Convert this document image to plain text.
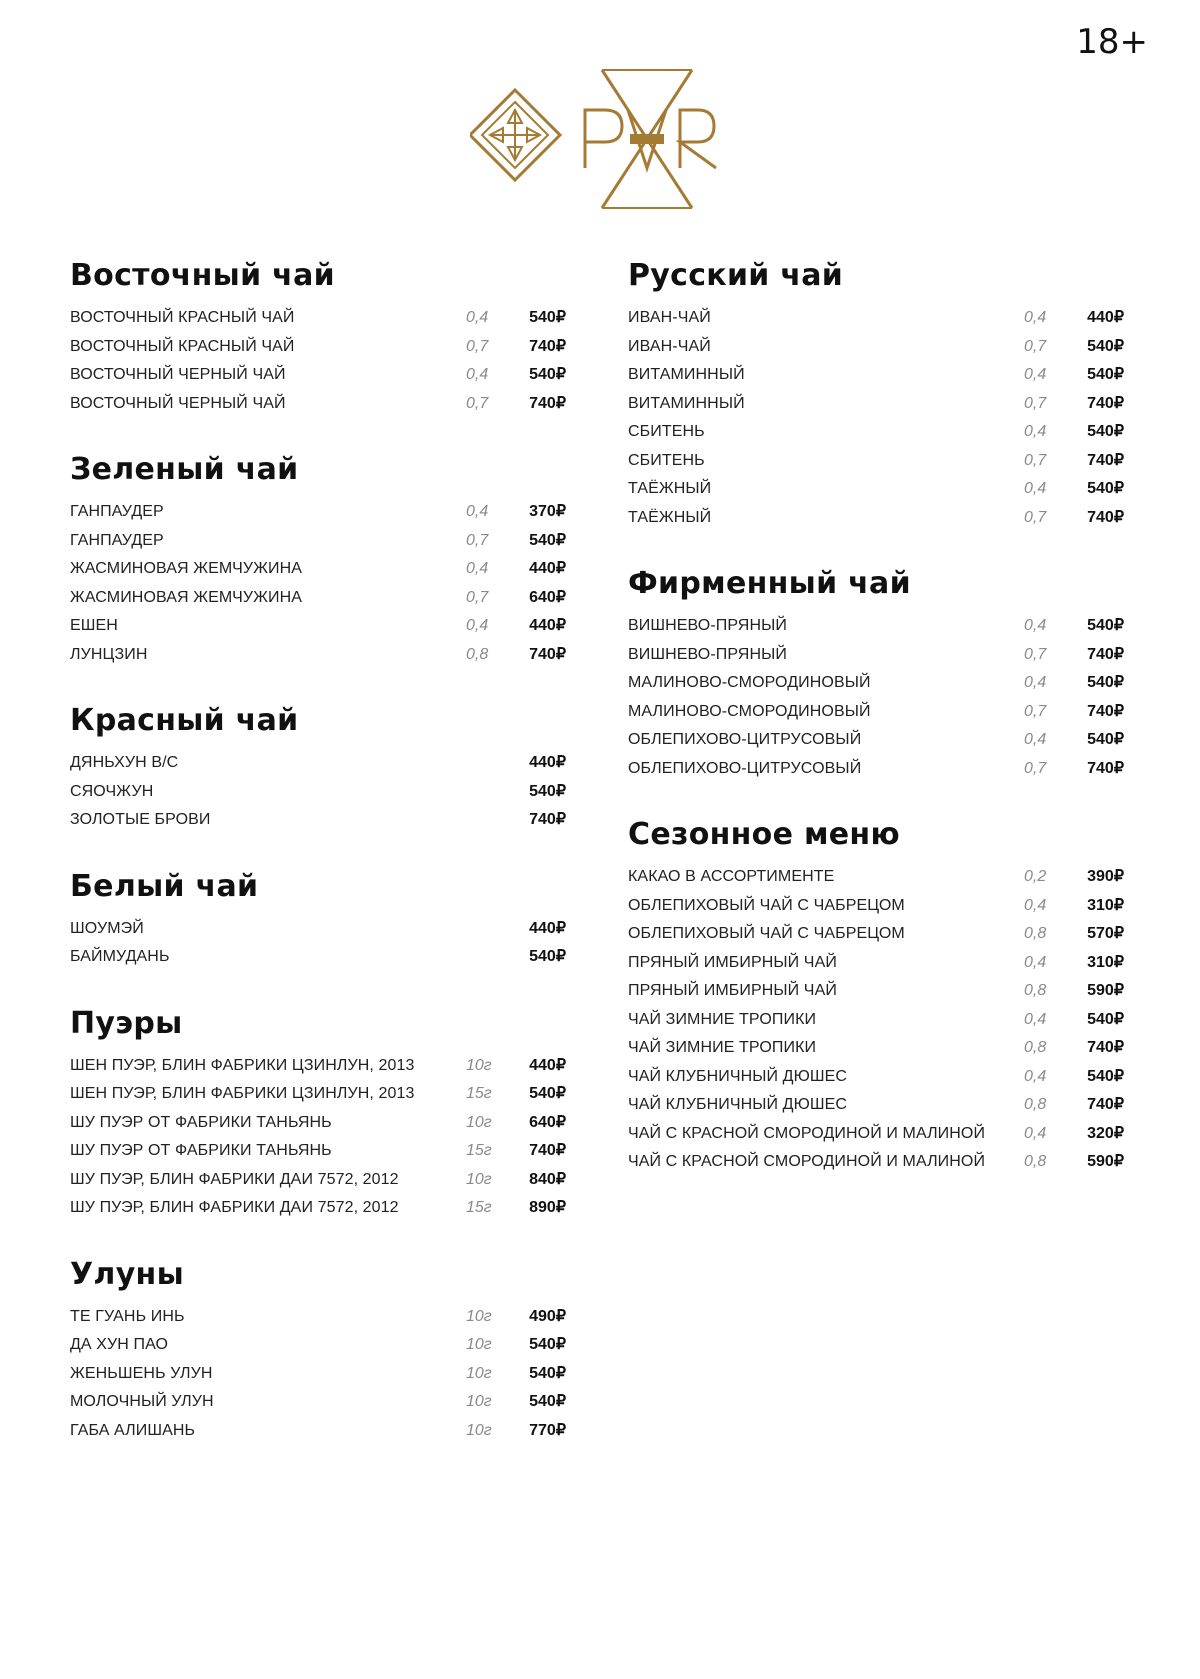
18+
Восточный чай
ВОСТОЧНЫЙ КРАСНЫЙ ЧАЙ	0,4	540₽
ВОСТОЧНЫЙ КРАСНЫЙ ЧАЙ	0,7	740₽
ВОСТОЧНЫЙ ЧЕРНЫЙ ЧАЙ	0,4	540₽
ВОСТОЧНЫЙ ЧЕРНЫЙ ЧАЙ	0,7	740₽
Зеленый чай
ГАНПАУДЕР	0,4	370₽
ГАНПАУДЕР	0,7	540₽
ЖАСМИНОВАЯ ЖЕМЧУЖИНА	0,4	440₽
ЖАСМИНОВАЯ ЖЕМЧУЖИНА	0,7	640₽
ЕШЕН	0,4	440₽
ЛУНЦЗИН	0,8	740₽
Красный чай
ДЯНЬХУН В/С	440₽
СЯОЧЖУН	540₽
ЗОЛОТЫЕ БРОВИ	740₽
Белый чай
ШОУМЭЙ	440₽
БАЙМУДАНЬ	540₽
Пуэры
ШЕН ПУЭР, БЛИН ФАБРИКИ ЦЗИНЛУН, 2013	10г	440₽
ШЕН ПУЭР, БЛИН ФАБРИКИ ЦЗИНЛУН, 2013	15г	540₽
ШУ ПУЭР ОТ ФАБРИКИ ТАНЬЯНЬ	10г	640₽
ШУ ПУЭР ОТ ФАБРИКИ ТАНЬЯНЬ	15г	740₽
ШУ ПУЭР, БЛИН ФАБРИКИ ДАИ 7572, 2012	10г	840₽
ШУ ПУЭР, БЛИН ФАБРИКИ ДАИ 7572, 2012	15г	890₽
Улуны
ТЕ ГУАНЬ ИНЬ	10г	490₽
ДА ХУН ПАО	10г	540₽
ЖЕНЬШЕНЬ УЛУН	10г	540₽
МОЛОЧНЫЙ УЛУН	10г	540₽
ГАБА АЛИШАНЬ	10г	770₽
Русский чай
ИВАН-ЧАЙ	0,4	440₽
ИВАН-ЧАЙ	0,7	540₽
ВИТАМИННЫЙ	0,4	540₽
ВИТАМИННЫЙ	0,7	740₽
СБИТЕНЬ	0,4	540₽
СБИТЕНЬ	0,7	740₽
ТАЁЖНЫЙ	0,4	540₽
ТАЁЖНЫЙ	0,7	740₽
Фирменный чай
ВИШНЕВО-ПРЯНЫЙ	0,4	540₽
ВИШНЕВО-ПРЯНЫЙ	0,7	740₽
МАЛИНОВО-СМОРОДИНОВЫЙ	0,4	540₽
МАЛИНОВО-СМОРОДИНОВЫЙ	0,7	740₽
ОБЛЕПИХОВО-ЦИТРУСОВЫЙ	0,4	540₽
ОБЛЕПИХОВО-ЦИТРУСОВЫЙ	0,7	740₽
Сезонное меню
КАКАО В АССОРТИМЕНТЕ	0,2	390₽
ОБЛЕПИХОВЫЙ ЧАЙ С ЧАБРЕЦОМ	0,4	310₽
ОБЛЕПИХОВЫЙ ЧАЙ С ЧАБРЕЦОМ	0,8	570₽
ПРЯНЫЙ ИМБИРНЫЙ ЧАЙ	0,4	310₽
ПРЯНЫЙ ИМБИРНЫЙ ЧАЙ	0,8	590₽
ЧАЙ ЗИМНИЕ ТРОПИКИ	0,4	540₽
ЧАЙ ЗИМНИЕ ТРОПИКИ	0,8	740₽
ЧАЙ КЛУБНИЧНЫЙ ДЮШЕС	0,4	540₽
ЧАЙ КЛУБНИЧНЫЙ ДЮШЕС	0,8	740₽
ЧАЙ С КРАСНОЙ СМОРОДИНОЙ И МАЛИНОЙ	0,4	320₽
ЧАЙ С КРАСНОЙ СМОРОДИНОЙ И МАЛИНОЙ	0,8	590₽
